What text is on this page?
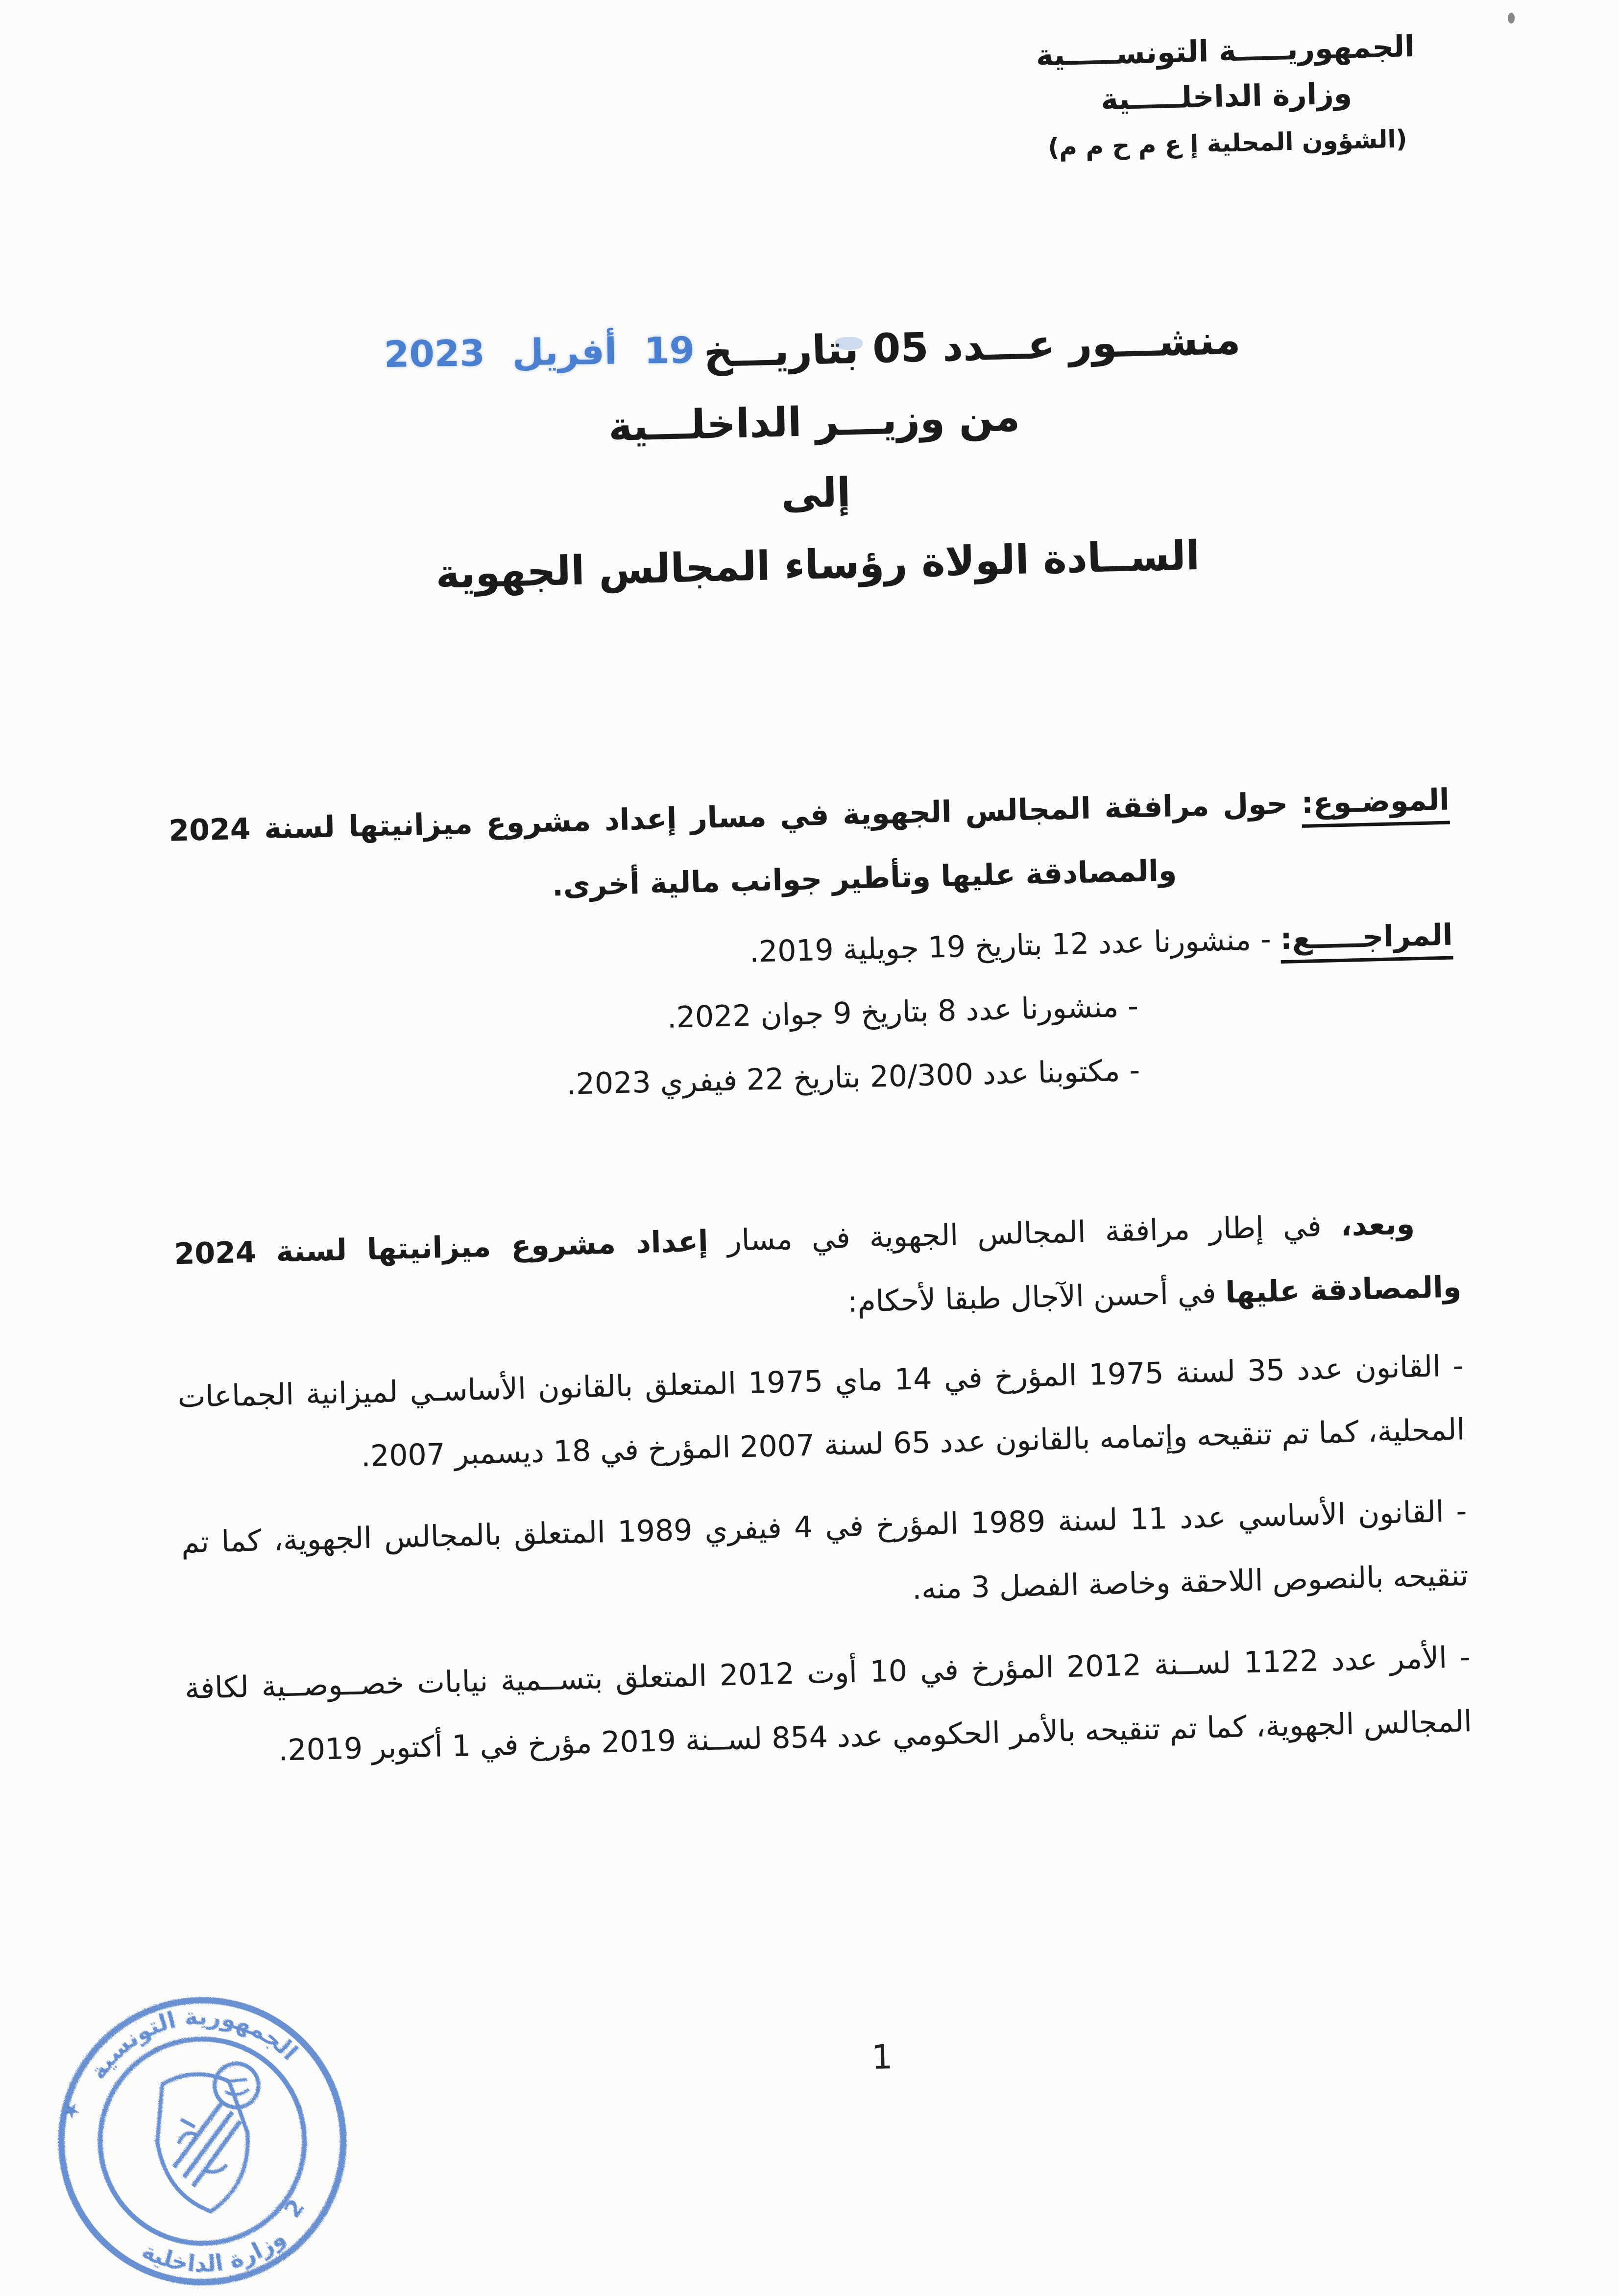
الجمهوريـــــة التونســـــية
وزارة الداخلـــــية
(الشؤون المحلية إ ع م ح م م)
منشـــور عـــدد 05 بتاريـــخ19 أفريل 2023
من وزيـــر الداخلـــية
إلى
الســادة الولاة رؤساء المجالس الجهوية

الموضـوع: حول مرافقة المجالس الجهوية في مسار إعداد مشروع ميزانيتها لسنة 2024 والمصادقة عليها وتأطير جوانب مالية أخرى.

المراجـــــع: - منشورنا عدد 12 بتاريخ 19 جويلية 2019.
- منشورنا عدد 8 بتاريخ 9 جوان 2022.
- مكتوبنا عدد 20/300 بتاريخ 22 فيفري 2023.

وبعد، في إطار مرافقة المجالس الجهوية في مسار إعداد مشروع ميزانيتها لسنة 2024 والمصادقة عليها في أحسن الآجال طبقا لأحكام:

- القانون عدد 35 لسنة 1975 المؤرخ في 14 ماي 1975 المتعلق بالقانون الأساسـي لميزانية الجماعات المحلية، كما تم تنقيحه وإتمامه بالقانون عدد 65 لسنة 2007 المؤرخ في 18 ديسمبر 2007.

- القانون الأساسي عدد 11 لسنة 1989 المؤرخ في 4 فيفري 1989 المتعلق بالمجالس الجهوية، كما تم تنقيحه بالنصوص اللاحقة وخاصة الفصل 3 منه.

- الأمر عدد 1122 لســنة 2012 المؤرخ في 10 أوت 2012 المتعلق بتســمية نيابات خصــوصــية لكافة المجالس الجهوية، كما تم تنقيحه بالأمر الحكومي عدد 854 لســنة 2019 مؤرخ في 1 أكتوبر 2019.

1
الجمهورية التونسية
وزارة الداخلية
★
2
